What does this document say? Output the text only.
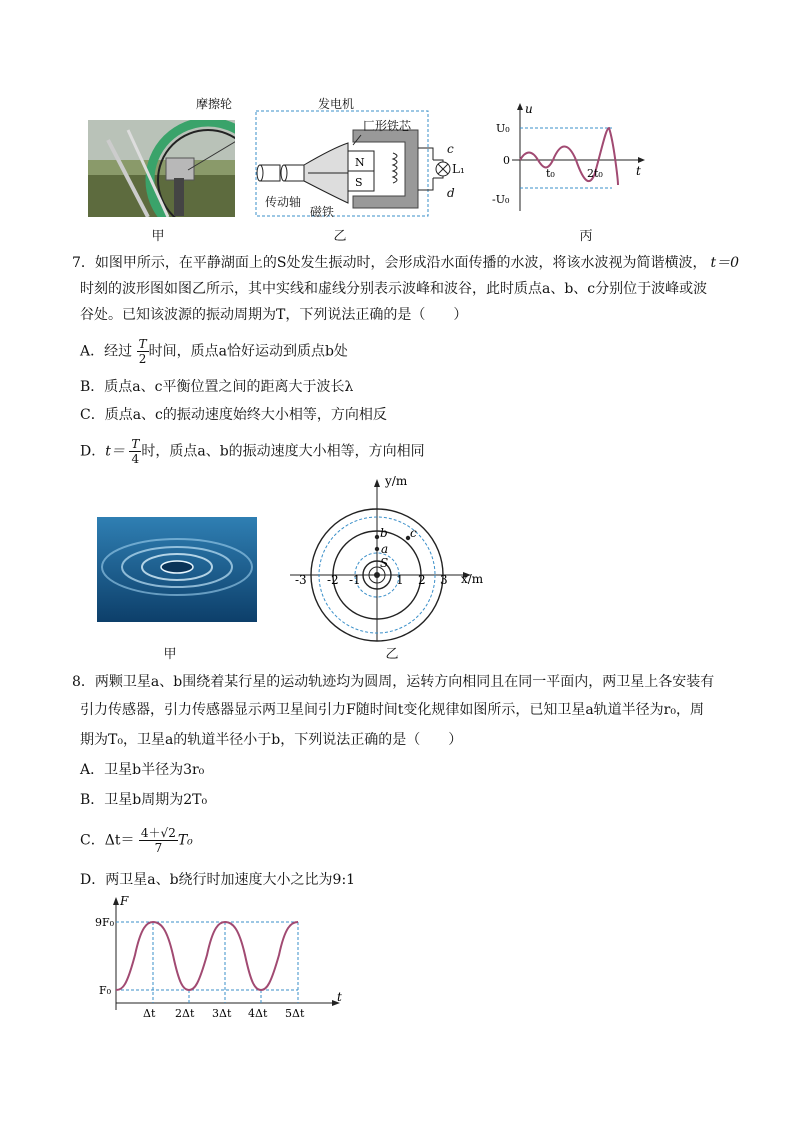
摩擦轮
甲
发电机
N
S
匚形铁芯
c
L₁
d
传动轴
磁铁
乙
u
t
U₀
0
-U₀
t₀	2t₀
丙
7．如图甲所示，在平静湖面上的S处发生振动时，会形成沿水面传播的水波，将该水波视为简谐横波， t＝0
时刻的波形图如图乙所示，其中实线和虚线分别表示波峰和波谷，此时质点a、b、c分别位于波峰或波
谷处。已知该波源的振动周期为T，下列说法正确的是（　　）
A．经过 $\frac{T}{2}$ 时间，质点a恰好运动到质点b处
B．质点a、c平衡位置之间的距离大于波长λ
C．质点a、c的振动速度始终大小相等，方向相反
D．$t= \frac{T}{4}$ 时，质点a、b的振动速度大小相等，方向相同
甲
y/m
x/m
a
b c
S
-3 -2 -1	1 2 3
乙
8．两颗卫星a、b围绕着某行星的运动轨迹均为圆周，运转方向相同且在同一平面内，两卫星上各安装有
引力传感器，引力传感器显示两卫星间引力F随时间t变化规律如图所示，已知卫星a轨道半径为r₀，周
期为T₀，卫星a的轨道半径小于b，下列说法正确的是（　　）
A．卫星b半径为3r₀
B．卫星b周期为2T₀
C．$\Delta t= \frac{4+√2}{7} T_0$
D．两卫星a、b绕行时加速度大小之比为9:1
F
t
9F₀
F₀
Δt 2Δt 3Δt 4Δt 5Δt
